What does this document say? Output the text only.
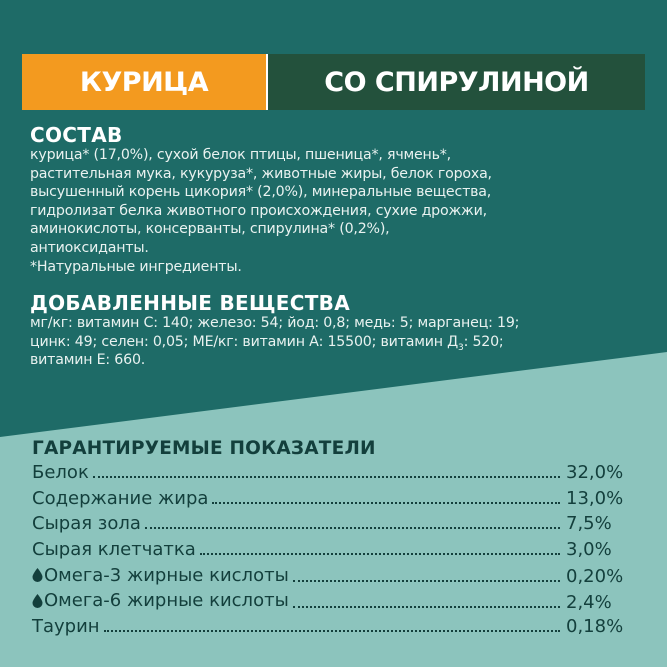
КУРИЦА	СО СПИРУЛИНОЙ
СОСТАВ

курица* (17,0%), сухой белок птицы, пшеница*, ячмень*,

растительная мука, кукуруза*, животные жиры, белок гороха,

высушенный корень цикория* (2,0%), минеральные вещества,

гидролизат белка животного происхождения, сухие дрожжи,

аминокислоты, консерванты, спирулина* (0,2%),

антиоксиданты.

*Натуральные ингредиенты.

ДОБАВЛЕННЫЕ ВЕЩЕСТВА

мг/кг: витамин С: 140; железо: 54; йод: 0,8; медь: 5; марганец: 19;

цинк: 49; селен: 0,05; МЕ/кг: витамин А: 15500; витамин $Д_3$: 520;

витамин Е: 660.

ГАРАНТИРУЕМЫЕ ПОКАЗАТЕЛИ
Белок	32,0%
Содержание жира	13,0%
Сырая зола	7,5%
Сырая клетчатка	3,0%
Омега-3 жирные кислоты	0,20%
Омега-6 жирные кислоты	2,4%
Таурин	0,18%
